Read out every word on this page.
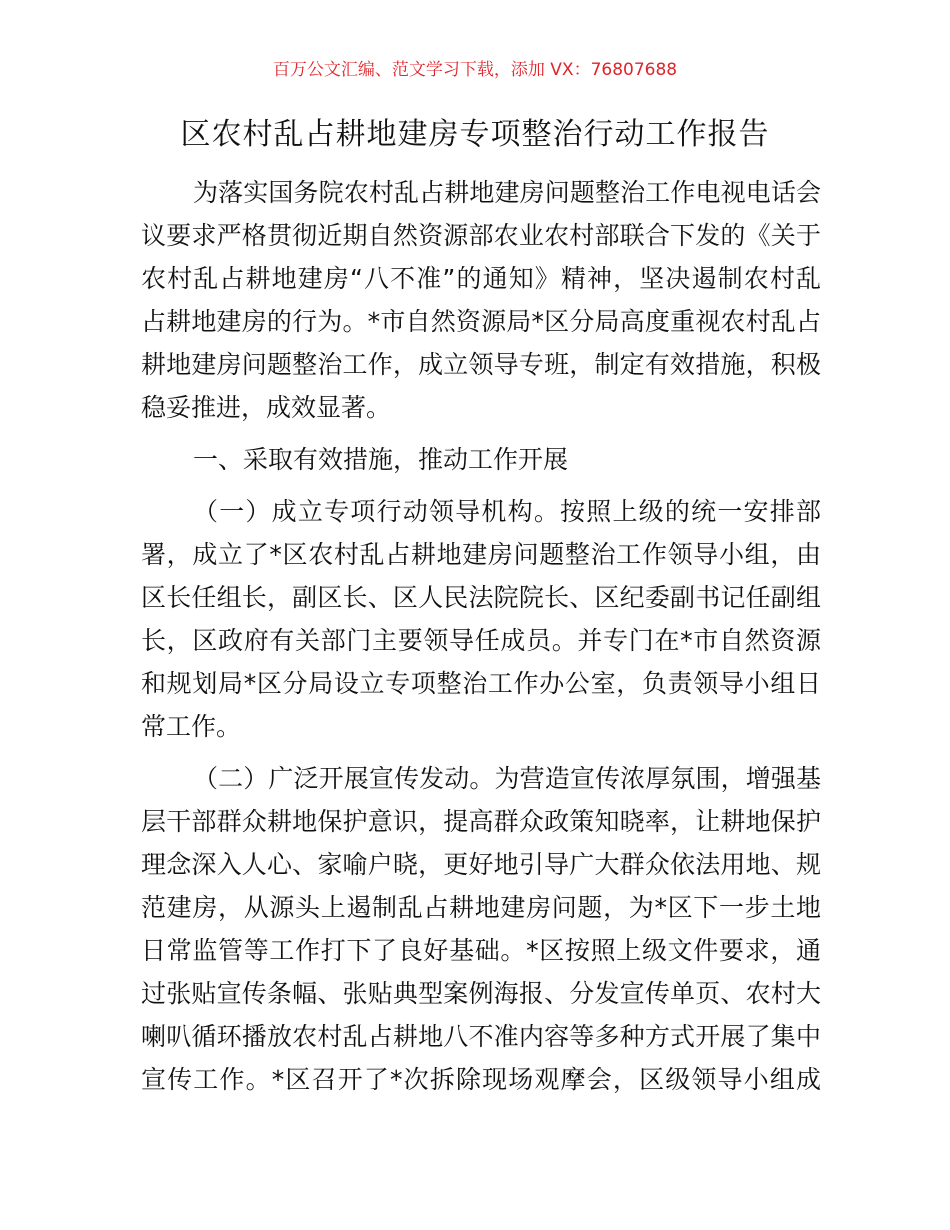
百万公文汇编、范文学习下载，添加 VX：76807688
区农村乱占耕地建房专项整治行动工作报告
为落实国务院农村乱占耕地建房问题整治工作电视电话会
议要求严格贯彻近期自然资源部农业农村部联合下发的《关于
农村乱占耕地建房“八不准”的通知》精神，坚决遏制农村乱
占耕地建房的行为。*市自然资源局*区分局高度重视农村乱占
耕地建房问题整治工作，成立领导专班，制定有效措施，积极
稳妥推进，成效显著。
一、采取有效措施，推动工作开展
（一）成立专项行动领导机构。按照上级的统一安排部
署，成立了*区农村乱占耕地建房问题整治工作领导小组，由
区长任组长，副区长、区人民法院院长、区纪委副书记任副组
长，区政府有关部门主要领导任成员。并专门在*市自然资源
和规划局*区分局设立专项整治工作办公室，负责领导小组日
常工作。
（二）广泛开展宣传发动。为营造宣传浓厚氛围，增强基
层干部群众耕地保护意识，提高群众政策知晓率，让耕地保护
理念深入人心、家喻户晓，更好地引导广大群众依法用地、规
范建房，从源头上遏制乱占耕地建房问题，为*区下一步土地
日常监管等工作打下了良好基础。*区按照上级文件要求，通
过张贴宣传条幅、张贴典型案例海报、分发宣传单页、农村大
喇叭循环播放农村乱占耕地八不准内容等多种方式开展了集中
宣传工作。*区召开了*次拆除现场观摩会，区级领导小组成
